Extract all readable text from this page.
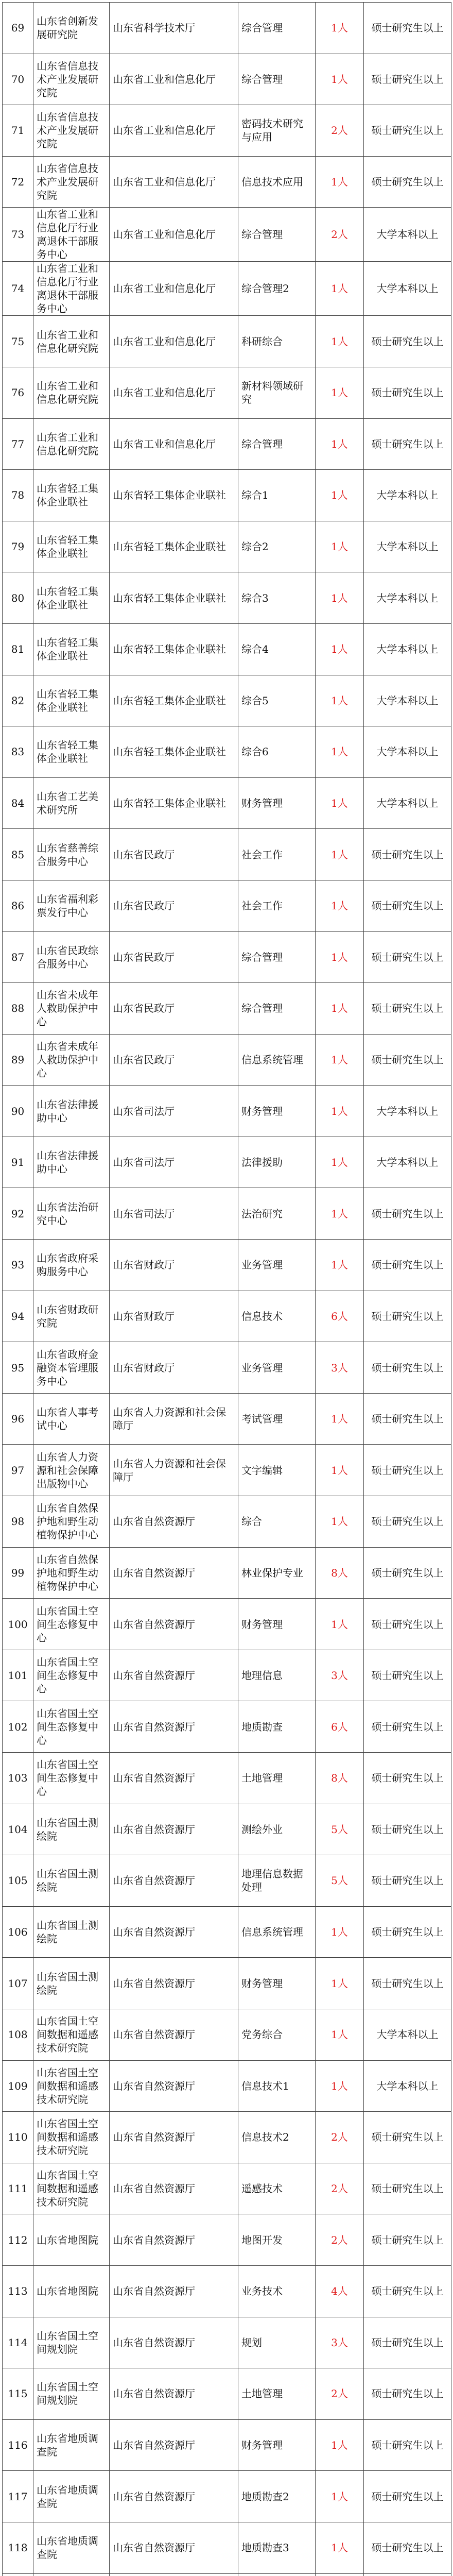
69	山东省创新发展研究院	山东省科学技术厅	综合管理	1人	硕士研究生以上
70	山东省信息技术产业发展研究院	山东省工业和信息化厅	综合管理	1人	硕士研究生以上
71	山东省信息技术产业发展研究院	山东省工业和信息化厅	密码技术研究与应用	2人	硕士研究生以上
72	山东省信息技术产业发展研究院	山东省工业和信息化厅	信息技术应用	1人	硕士研究生以上
73	山东省工业和信息化厅行业离退休干部服务中心	山东省工业和信息化厅	综合管理	2人	大学本科以上
74	山东省工业和信息化厅行业离退休干部服务中心	山东省工业和信息化厅	综合管理2	1人	大学本科以上
75	山东省工业和信息化研究院	山东省工业和信息化厅	科研综合	1人	硕士研究生以上
76	山东省工业和信息化研究院	山东省工业和信息化厅	新材料领域研究	1人	硕士研究生以上
77	山东省工业和信息化研究院	山东省工业和信息化厅	综合管理	1人	硕士研究生以上
78	山东省轻工集体企业联社	山东省轻工集体企业联社	综合1	1人	大学本科以上
79	山东省轻工集体企业联社	山东省轻工集体企业联社	综合2	1人	大学本科以上
80	山东省轻工集体企业联社	山东省轻工集体企业联社	综合3	1人	大学本科以上
81	山东省轻工集体企业联社	山东省轻工集体企业联社	综合4	1人	大学本科以上
82	山东省轻工集体企业联社	山东省轻工集体企业联社	综合5	1人	大学本科以上
83	山东省轻工集体企业联社	山东省轻工集体企业联社	综合6	1人	大学本科以上
84	山东省工艺美术研究所	山东省轻工集体企业联社	财务管理	1人	大学本科以上
85	山东省慈善综合服务中心	山东省民政厅	社会工作	1人	硕士研究生以上
86	山东省福利彩票发行中心	山东省民政厅	社会工作	1人	硕士研究生以上
87	山东省民政综合服务中心	山东省民政厅	综合管理	1人	硕士研究生以上
88	山东省未成年人救助保护中心	山东省民政厅	综合管理	1人	硕士研究生以上
89	山东省未成年人救助保护中心	山东省民政厅	信息系统管理	1人	硕士研究生以上
90	山东省法律援助中心	山东省司法厅	财务管理	1人	大学本科以上
91	山东省法律援助中心	山东省司法厅	法律援助	1人	大学本科以上
92	山东省法治研究中心	山东省司法厅	法治研究	1人	硕士研究生以上
93	山东省政府采购服务中心	山东省财政厅	业务管理	1人	硕士研究生以上
94	山东省财政研究院	山东省财政厅	信息技术	6人	硕士研究生以上
95	山东省政府金融资本管理服务中心	山东省财政厅	业务管理	3人	硕士研究生以上
96	山东省人事考试中心	山东省人力资源和社会保障厅	考试管理	1人	硕士研究生以上
97	山东省人力资源和社会保障出版物中心	山东省人力资源和社会保障厅	文字编辑	1人	硕士研究生以上
98	山东省自然保护地和野生动植物保护中心	山东省自然资源厅	综合	1人	硕士研究生以上
99	山东省自然保护地和野生动植物保护中心	山东省自然资源厅	林业保护专业	8人	硕士研究生以上
100	山东省国土空间生态修复中心	山东省自然资源厅	财务管理	1人	硕士研究生以上
101	山东省国土空间生态修复中心	山东省自然资源厅	地理信息	3人	硕士研究生以上
102	山东省国土空间生态修复中心	山东省自然资源厅	地质勘查	6人	硕士研究生以上
103	山东省国土空间生态修复中心	山东省自然资源厅	土地管理	8人	硕士研究生以上
104	山东省国土测绘院	山东省自然资源厅	测绘外业	5人	硕士研究生以上
105	山东省国土测绘院	山东省自然资源厅	地理信息数据处理	5人	硕士研究生以上
106	山东省国土测绘院	山东省自然资源厅	信息系统管理	1人	硕士研究生以上
107	山东省国土测绘院	山东省自然资源厅	财务管理	1人	硕士研究生以上
108	山东省国土空间数据和遥感技术研究院	山东省自然资源厅	党务综合	1人	大学本科以上
109	山东省国土空间数据和遥感技术研究院	山东省自然资源厅	信息技术1	1人	大学本科以上
110	山东省国土空间数据和遥感技术研究院	山东省自然资源厅	信息技术2	2人	硕士研究生以上
111	山东省国土空间数据和遥感技术研究院	山东省自然资源厅	遥感技术	2人	硕士研究生以上
112	山东省地图院	山东省自然资源厅	地图开发	2人	硕士研究生以上
113	山东省地图院	山东省自然资源厅	业务技术	4人	硕士研究生以上
114	山东省国土空间规划院	山东省自然资源厅	规划	3人	硕士研究生以上
115	山东省国土空间规划院	山东省自然资源厅	土地管理	2人	硕士研究生以上
116	山东省地质调查院	山东省自然资源厅	财务管理	1人	硕士研究生以上
117	山东省地质调查院	山东省自然资源厅	地质勘查2	1人	硕士研究生以上
118	山东省地质调查院	山东省自然资源厅	地质勘查3	1人	硕士研究生以上
